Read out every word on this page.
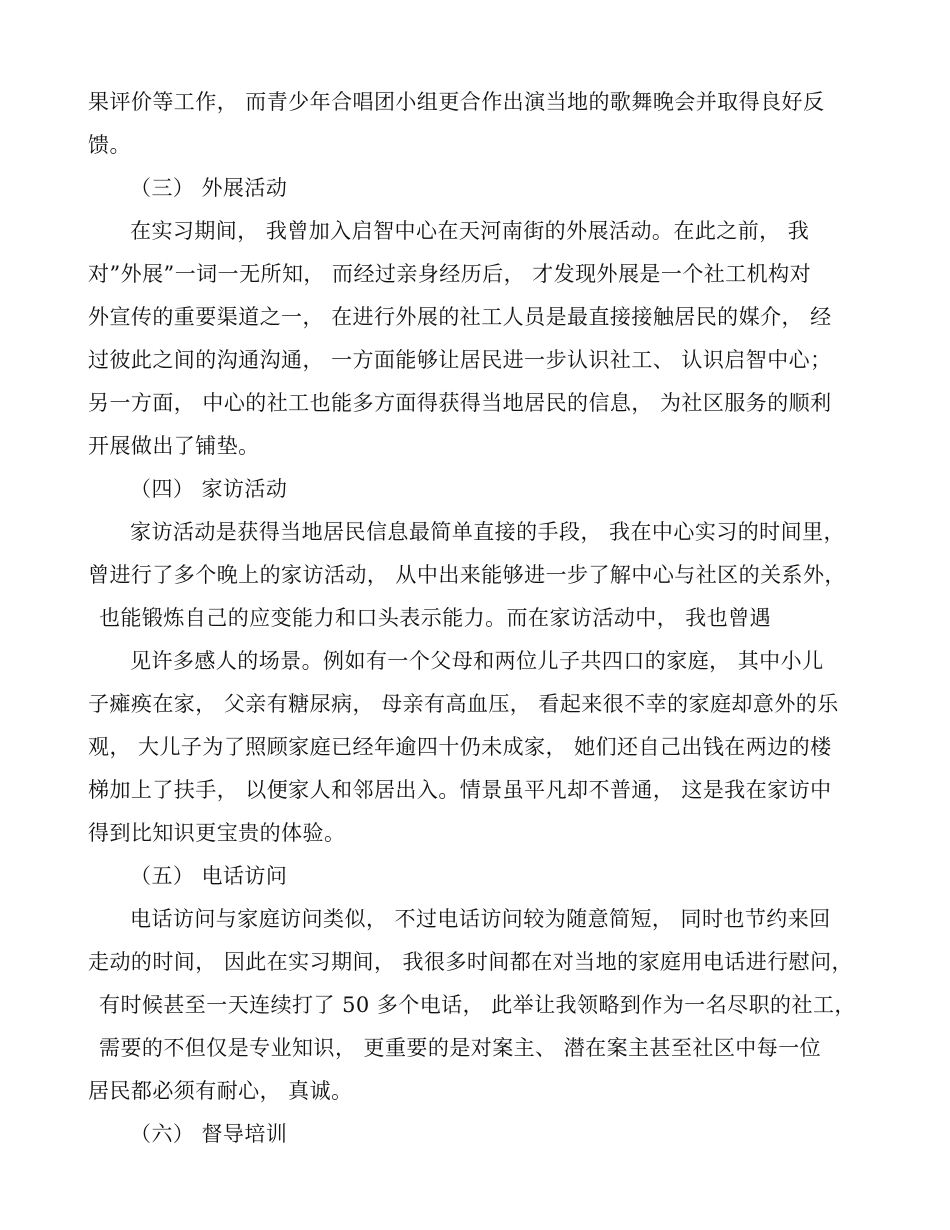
果评价等工作， 而青少年合唱团小组更合作出演当地的歌舞晚会并取得良好反
馈。
（三） 外展活动
在实习期间， 我曾加入启智中心在天河南街的外展活动。在此之前， 我
对”外展”一词一无所知， 而经过亲身经历后， 才发现外展是一个社工机构对
外宣传的重要渠道之一， 在进行外展的社工人员是最直接接触居民的媒介， 经
过彼此之间的沟通沟通， 一方面能够让居民进一步认识社工、 认识启智中心；
另一方面， 中心的社工也能多方面得获得当地居民的信息， 为社区服务的顺利
开展做出了铺垫。
（四） 家访活动
家访活动是获得当地居民信息最简单直接的手段， 我在中心实习的时间里，
曾进行了多个晚上的家访活动， 从中出来能够进一步了解中心与社区的关系外，
也能锻炼自己的应变能力和口头表示能力。而在家访活动中， 我也曾遇
见许多感人的场景。例如有一个父母和两位儿子共四口的家庭， 其中小儿
子瘫痪在家， 父亲有糖尿病， 母亲有高血压， 看起来很不幸的家庭却意外的乐
观， 大儿子为了照顾家庭已经年逾四十仍未成家， 她们还自己出钱在两边的楼
梯加上了扶手， 以便家人和邻居出入。情景虽平凡却不普通， 这是我在家访中
得到比知识更宝贵的体验。
（五） 电话访问
电话访问与家庭访问类似， 不过电话访问较为随意简短， 同时也节约来回
走动的时间， 因此在实习期间， 我很多时间都在对当地的家庭用电话进行慰问，
有时候甚至一天连续打了 50 多个电话， 此举让我领略到作为一名尽职的社工，
需要的不但仅是专业知识， 更重要的是对案主、 潜在案主甚至社区中每一位
居民都必须有耐心， 真诚。
（六） 督导培训
